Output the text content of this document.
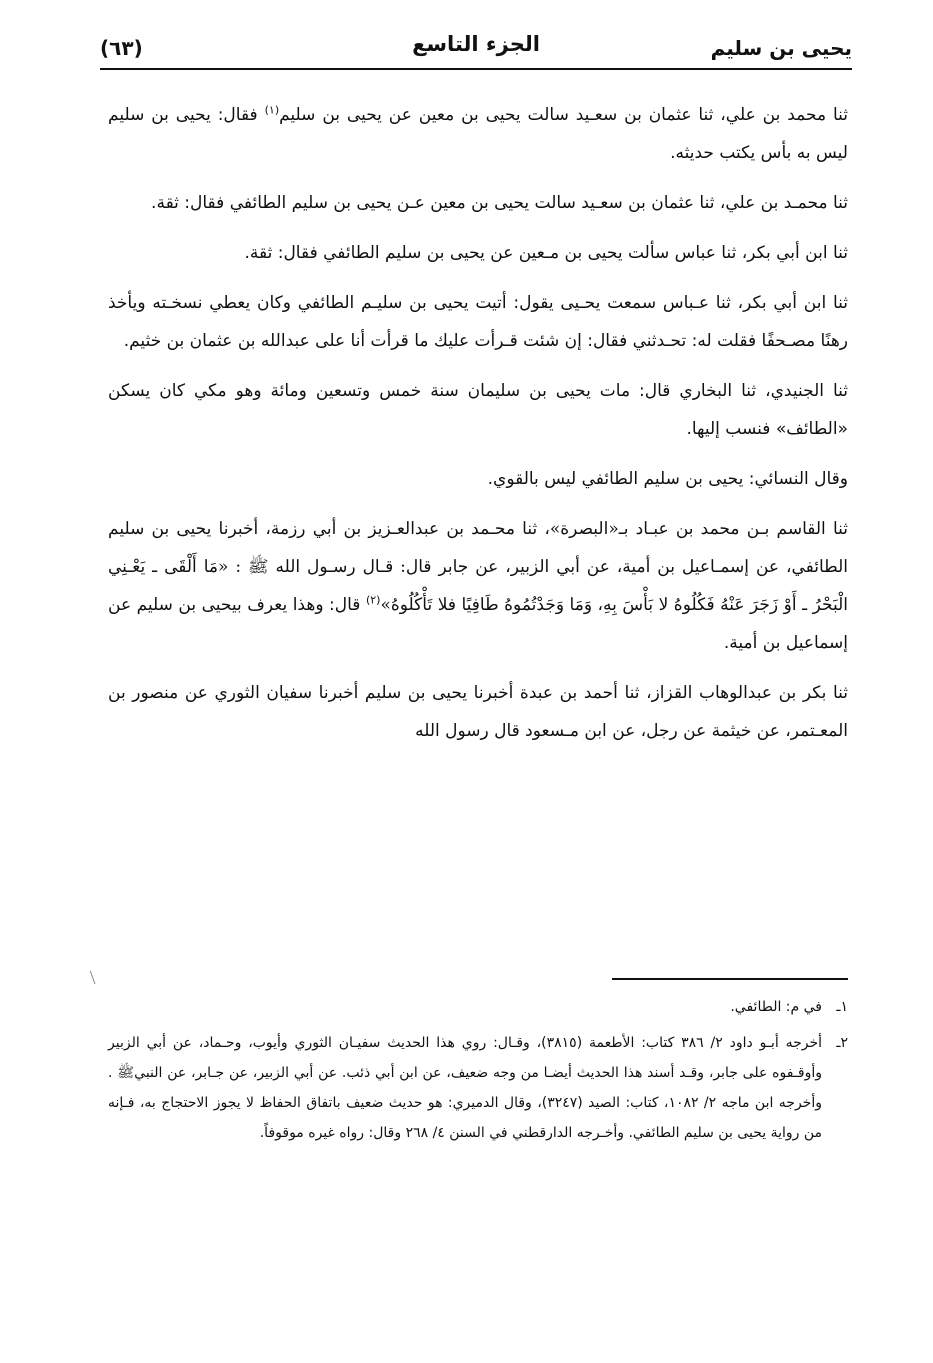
يحيى بن سليم
الجزء التاسع
(٦٣)

ثنا محمد بن علي، ثنا عثمان بن سعـيد سالت يحيى بن معين عن يحيى بن سليم$^{(١)}$ فقال: يحيى بن سليم ليس به بأس يكتب حديثه.

ثنا محمـد بن علي، ثنا عثمان بن سعـيد سالت يحيى بن معين عـن يحيى بن سليم الطائفي فقال: ثقة.

ثنا ابن أبي بكر، ثنا عباس سألت يحيى بن مـعين عن يحيى بن سليم الطائفي فقال: ثقة.

ثنا ابن أبي بكر، ثنا عـباس سمعت يحـيى يقول: أتيت يحيى بن سليـم الطائفي وكان يعطي نسخـته ويأخذ رهنًا مصـحفًا فقلت له: تحـدثني فقال: إن شئت قـرأت عليك ما قرأت أنا على عبدالله بن عثمان بن خثيم.

ثنا الجنيدي، ثنا البخاري قال: مات يحيى بن سليمان سنة خمس وتسعين ومائة وهو مكي كان يسكن «الطائف» فنسب إليها.

وقال النسائي: يحيى بن سليم الطائفي ليس بالقوي.

ثنا القاسم بـن محمد بن عبـاد بـ«البصرة»، ثنا محـمد بن عبدالعـزيز بن أبي رزمة، أخبرنا يحيى بن سليم الطائفي، عن إسمـاعيل بن أمية، عن أبي الزبير، عن جابر قال: قـال رسـول الله ﷺ : «مَا أَلْقَى ـ يَعْـنِي الْبَحْرُ ـ أَوْ زَجَرَ عَنْهُ فَكُلُوهُ لا بَأْسَ بِهِ، وَمَا وَجَدْتُمُوهُ طَافِيًا فلا تَأْكُلُوهُ»$^{(٢)}$ قال: وهذا يعرف بيحيى بن سليم عن إسماعيل بن أمية.

ثنا بكر بن عبدالوهاب القزاز، ثنا أحمد بن عبدة أخبرنا يحيى بن سليم أخبرنا سفيان الثوري عن منصور بن المعـتمر، عن خيثمة عن رجل، عن ابن مـسعود قال رسول الله

١ـ
في م: الطائفي.
٢ـ
أخرجه أبـو داود ٢/ ٣٨٦ كتاب: الأطعمة (٣٨١٥)، وقـال: روي هذا الحديث سفيـان الثوري وأيوب، وحـماد، عن أبي الزبير وأوقـفوه على جابر، وقـد أسند هذا الحديث أيضـا من وجه ضعيف، عن ابن أبي ذئب. عن أبي الزبير، عن جـابر، عن النبيﷺ . وأخرجه ابن ماجه ٢/ ١٠٨٢، كتاب: الصيد (٣٢٤٧)، وقال الدميري: هو حديث ضعيف باتفاق الحفاظ لا يجوز الاحتجاج به، فـإنه من رواية يحيى بن سليم الطائفي. وأخـرجه الدارقطني في السنن ٤/ ٢٦٨ وقال: رواه غيره موقوفاً.
